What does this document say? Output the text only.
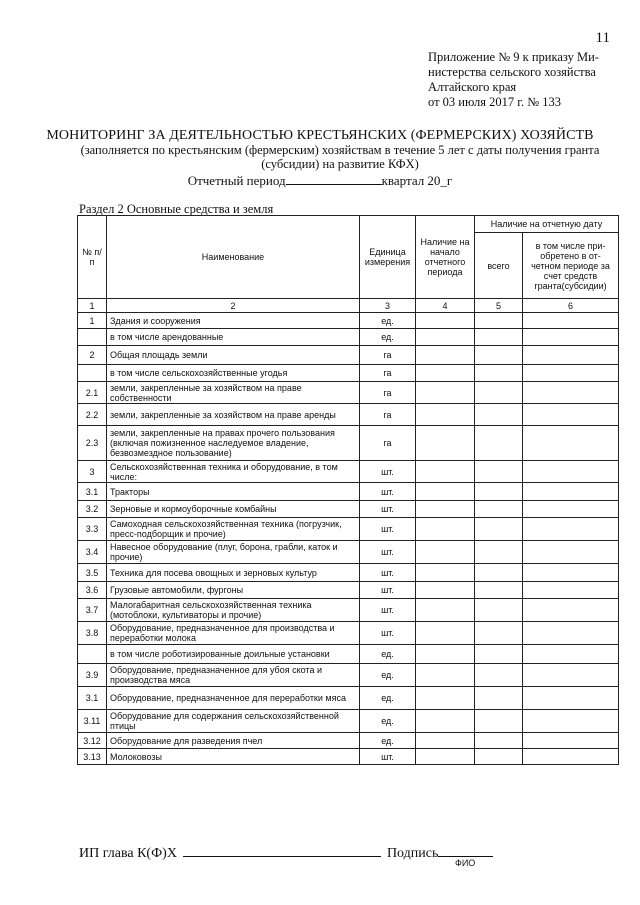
11
Приложение № 9 к приказу Ми-
нистерства сельского хозяйства
Алтайского края
от 03 июля 2017 г. № 133
МОНИТОРИНГ ЗА ДЕЯТЕЛЬНОСТЬЮ КРЕСТЬЯНСКИХ (ФЕРМЕРСКИХ) ХОЗЯЙСТВ
(заполняется по крестьянским (фермерским) хозяйствам в течение 5 лет с даты получения гранта (субсидии) на развитие КФХ)
Отчетный период	квартал 20_г
Раздел 2 Основные средства и земля
№ п/п	Наименование	Единица измерения	Наличие на начало отчетного периода	Наличие на отчетную дату	
				всего	в том числе при-обретено в от-четном периоде за счет средств гранта(субсидии)
1	2	3	4	5	6
1	Здания и сооружения	ед.			
	в том числе арендованные	ед.			
2	Общая площадь земли	га			
	в том числе сельскохозяйственные угодья	га			
2.1	земли, закрепленные за хозяйством на праве собственности	га			
2.2	земли, закрепленные за хозяйством на праве аренды	га			
2.3	земли, закрепленные на правах прочего пользования (включая пожизненное наследуемое владение, безвозмездное пользование)	га			
3	Сельскохозяйственная техника и оборудование, в том числе:	шт.			
3.1	Тракторы	шт.			
3.2	Зерновые и кормоуборочные комбайны	шт.			
3.3	Самоходная сельскохозяйственная техника (погрузчик, пресс-подборщик и прочие)	шт.			
3.4	Навесное оборудование (плуг, борона, грабли, каток и прочие)	шт.			
3.5	Техника для посева овощных и зерновых культур	шт.			
3.6	Грузовые автомобили, фургоны	шт.			
3.7	Малогабаритная сельскохозяйственная техника (мотоблоки, культиваторы и прочие)	шт.			
3.8	Оборудование, предназначенное для производства и переработки молока	шт.			
	в том числе роботизированные доильные установки	ед.			
3.9	Оборудование, предназначенное для убоя скота и производства мяса	ед.			
3.1	Оборудование, предназначенное для переработки мяса	ед.			
3.11	Оборудование для содержания сельскохозяйственной птицы	ед.			
3.12	Оборудование для разведения пчел	ед.			
3.13	Молоковозы	шт.			
ИП глава К(Ф)Х	Подпись
ФИО
